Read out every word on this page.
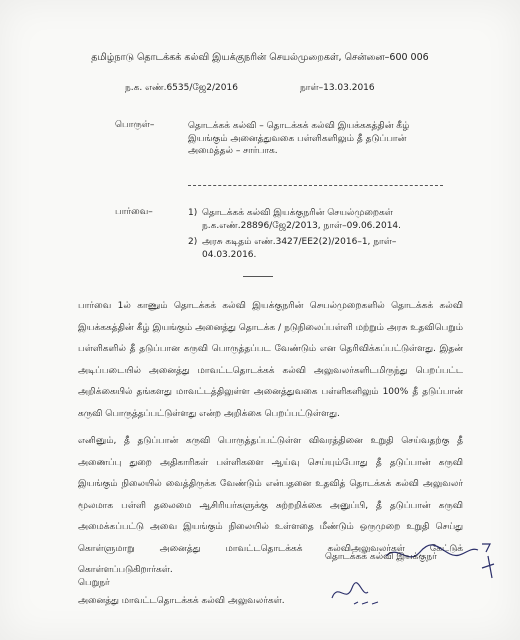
தமிழ்நாடு தொடக்கக் கல்வி இயக்குநரின் செயல்முறைகள், சென்னை–600 006
ந.க. எண்.6535/ஜே2/2016	நாள்–13.03.2016
பொருள்–	தொடக்கக் கல்வி – தொடக்கக் கல்வி இயக்ககத்தின் கீழ் இயங்கும் அனைத்துவகை பள்ளிகளிலும் தீ தடுப்பான் அமைத்தல் – சார்பாக.
பார்வை–	1) தொடக்கக் கல்வி இயக்குநரின் செயல்முறைகள் ந.க.எண்.28896/ஜே2/2013, நாள்–09.06.2014.
2) அரசு கடிதம் எண்.3427/EE2(2)/2016–1, நாள்–04.03.2016.
பார்வை 1ல் காணும் தொடக்கக் கல்வி இயக்குநரின் செயல்முறைகளில் தொடக்கக் கல்வி இயக்ககத்தின் கீழ் இயங்கும் அனைத்து தொடக்க / நடுநிலைப்பள்ளி மற்றும் அரசு உதவிபெறும் பள்ளிகளில் தீ தடுப்பான கருவி பொருத்தப்பட வேண்டும் என தெரிவிக்கப்பட்டுள்ளது. இதன் அடிப்படையில் அனைத்து மாவட்டதொடக்கக் கல்வி அலுவலர்களிடமிருந்து பெறப்பட்ட அறிக்கையில் தங்களது மாவட்டத்திலுள்ள அனைத்துவகை பள்ளிகளிலும் 100% தீ தடுப்பான் கருவி பொருத்தப்பட்டுள்ளது என்ற அறிக்கை பெறப்பட்டுள்ளது.
எனினும், தீ தடுப்பான் கருவி பொருத்தப்பட்டுள்ள விவரத்தினை உறுதி செய்வதற்கு தீ அணைப்பு துறை அதிகாரிகள் பள்ளிகளை ஆய்வு செய்யும்போது தீ தடுப்பான் கருவி இயங்கும் நிலையில் வைத்திருக்க வேண்டும் என்பதனை உதவித் தொடக்கக் கல்வி அலுவலர் மூலமாக பள்ளி தலைமை ஆசிரியர்களுக்கு சுற்றறிக்கை அனுப்பி, தீ தடுப்பான் கருவி அமைக்கப்பட்டு அவை இயங்கும் நிலையில் உள்ளதை மீண்டும் ஒருமுறை உறுதி செய்து கொள்ளுமாறு அனைத்து மாவட்டதொடக்கக் கல்விஅலுவலர்கள் கேட்டுக் கொள்ளப்படுகிறார்கள்.
தொடக்கக் கல்வி இயக்குநர்
பெறுநர்
அனைத்து மாவட்டதொடக்கக் கல்வி அலுவலர்கள்.
